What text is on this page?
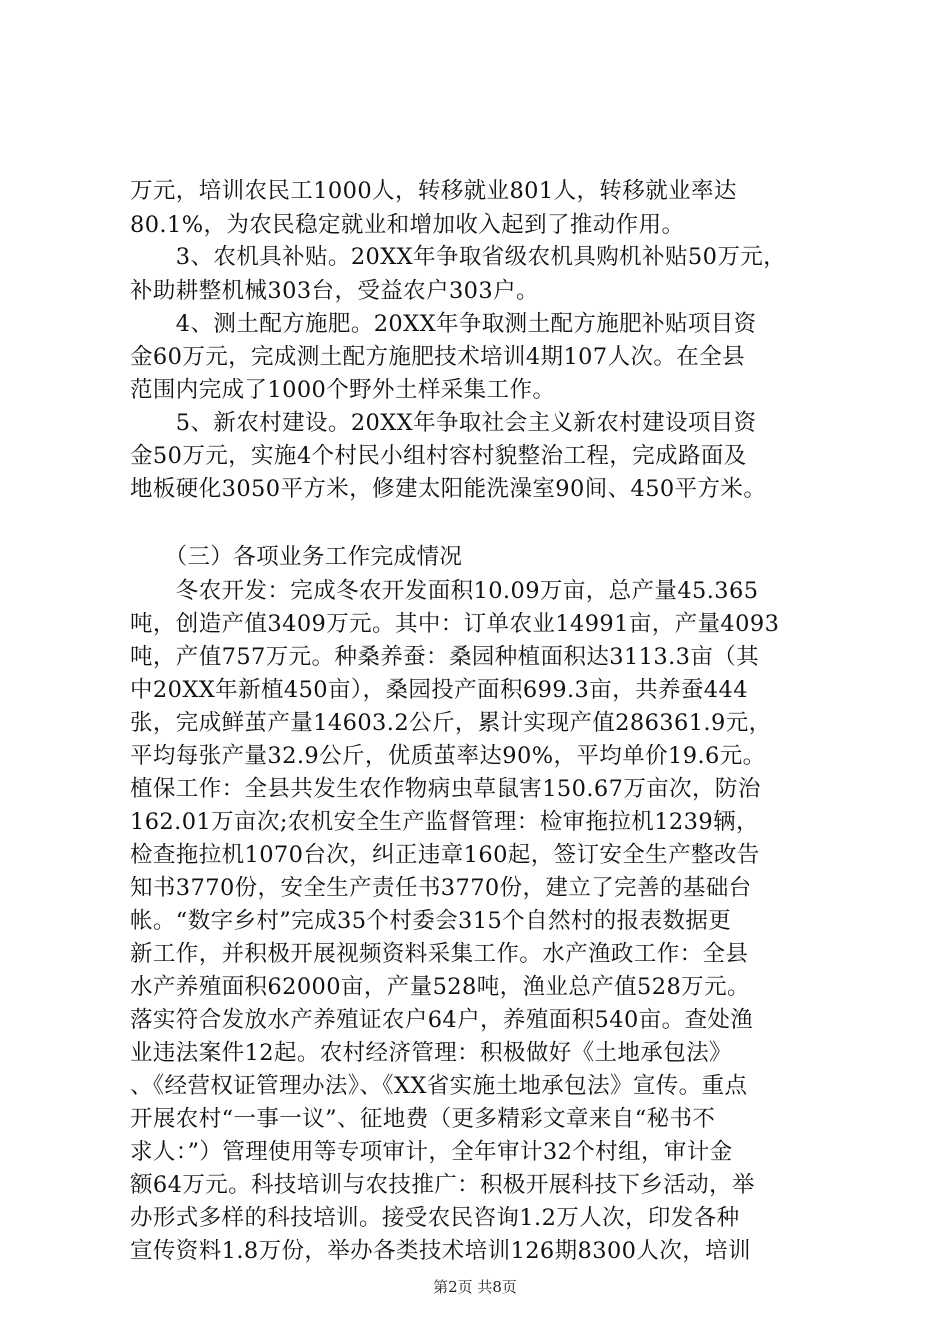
万元，培训农民工1000人，转移就业801人，转移就业率达
80.1%，为农民稳定就业和增加收入起到了推动作用。
　　3、农机具补贴。20XX年争取省级农机具购机补贴50万元，
补助耕整机械303台，受益农户303户。
　　4、测土配方施肥。20XX年争取测土配方施肥补贴项目资
金60万元，完成测土配方施肥技术培训4期107人次。在全县
范围内完成了1000个野外土样采集工作。
　　5、新农村建设。20XX年争取社会主义新农村建设项目资
金50万元，实施4个村民小组村容村貌整治工程，完成路面及
地板硬化3050平方米，修建太阳能洗澡室90间、450平方米。
　　（三）各项业务工作完成情况
　　冬农开发：完成冬农开发面积10.09万亩，总产量45.365
吨，创造产值3409万元。其中：订单农业14991亩，产量4093
吨，产值757万元。种桑养蚕：桑园种植面积达3113.3亩（其
中20XX年新植450亩），桑园投产面积699.3亩，共养蚕444
张，完成鲜茧产量14603.2公斤，累计实现产值286361.9元，
平均每张产量32.9公斤，优质茧率达90%，平均单价19.6元。
植保工作：全县共发生农作物病虫草鼠害150.67万亩次，防治
162.01万亩次;农机安全生产监督管理：检审拖拉机1239辆，
检查拖拉机1070台次，纠正违章160起，签订安全生产整改告
知书3770份，安全生产责任书3770份，建立了完善的基础台
帐。“数字乡村”完成35个村委会315个自然村的报表数据更
新工作，并积极开展视频资料采集工作。水产渔政工作：全县
水产养殖面积62000亩，产量528吨，渔业总产值528万元。
落实符合发放水产养殖证农户64户，养殖面积540亩。查处渔
业违法案件12起。农村经济管理：积极做好《土地承包法》
、《经营权证管理办法》、《XX省实施土地承包法》宣传。重点
开展农村“一事一议”、征地费（更多精彩文章来自“秘书不
求人：”）管理使用等专项审计，全年审计32个村组，审计金
额64万元。科技培训与农技推广：积极开展科技下乡活动，举
办形式多样的科技培训。接受农民咨询1.2万人次，印发各种
宣传资料1.8万份，举办各类技术培训126期8300人次，培训
第2页 共8页
